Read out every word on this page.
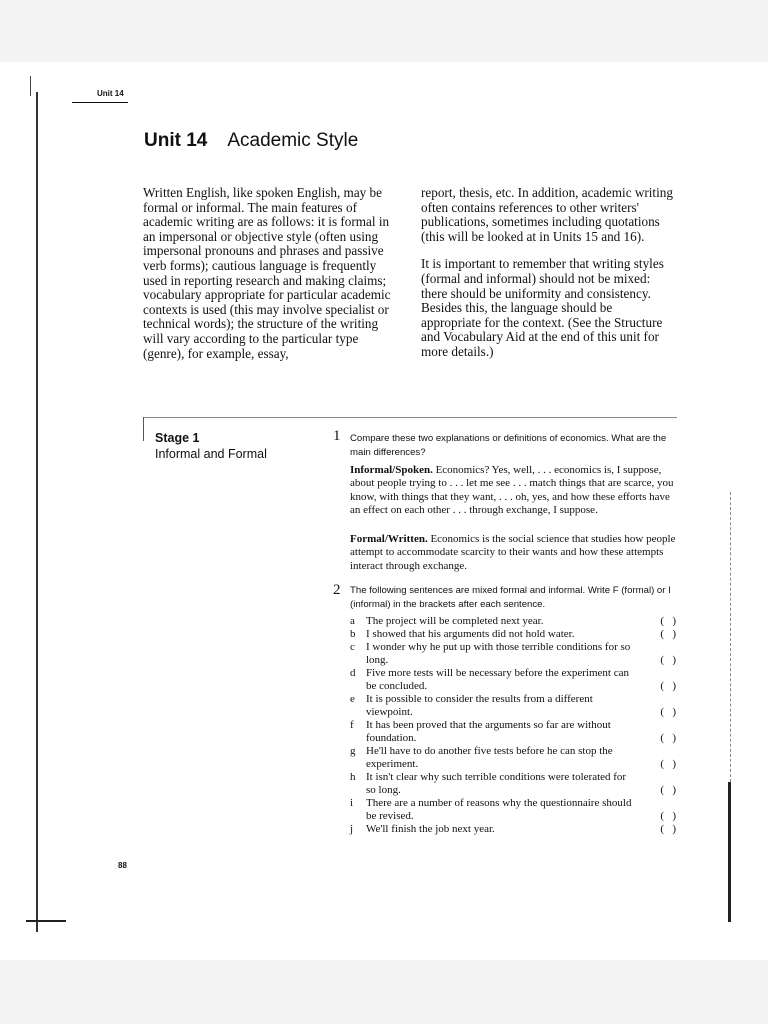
Unit 14
Unit 14 Academic Style

Written English, like spoken English, may be formal or informal. The main features of academic writing are as follows: it is formal in an impersonal or objective style (often using impersonal pronouns and phrases and passive verb forms); cautious language is frequently used in reporting research and making claims; vocabulary appropriate for particular academic contexts is used (this may involve specialist or technical words); the structure of the writing will vary according to the particular type (genre), for example, essay,

report, thesis, etc. In addition, academic writing often contains references to other writers' publications, sometimes including quotations (this will be looked at in Units 15 and 16).

It is important to remember that writing styles (formal and informal) should not be mixed: there should be uniformity and consistency. Besides this, the language should be appropriate for the context. (See the Structure and Vocabulary Aid at the end of this unit for more details.)

Stage 1
Informal and Formal
1 Compare these two explanations or definitions of economics. What are the main differences?
Informal/Spoken. Economics? Yes, well, . . . economics is, I suppose, about people trying to . . . let me see . . . match things that are scarce, you know, with things that they want, . . . oh, yes, and how these efforts have an effect on each other . . . through exchange, I suppose.
Formal/Written. Economics is the social science that studies how people attempt to accommodate scarcity to their wants and how these attempts interact through exchange.
2 The following sentences are mixed formal and informal. Write F (formal) or I (informal) in the brackets after each sentence.
a	The project will be completed next year.	(   )
b I showed that his arguments did not hold water.	(   )
c	I wonder why he put up with those terrible conditions for so long.	(   )
d Five more tests will be necessary before the experiment can be concluded.	(   )
e	It is possible to consider the results from a different viewpoint.	(   )
f	It has been proved that the arguments so far are without foundation.	(   )
g He'll have to do another five tests before he can stop the experiment.	(   )
h It isn't clear why such terrible conditions were tolerated for so long.	(   )
i	There are a number of reasons why the questionnaire should be revised.	(   )
j	We'll finish the job next year.	(   )
88
